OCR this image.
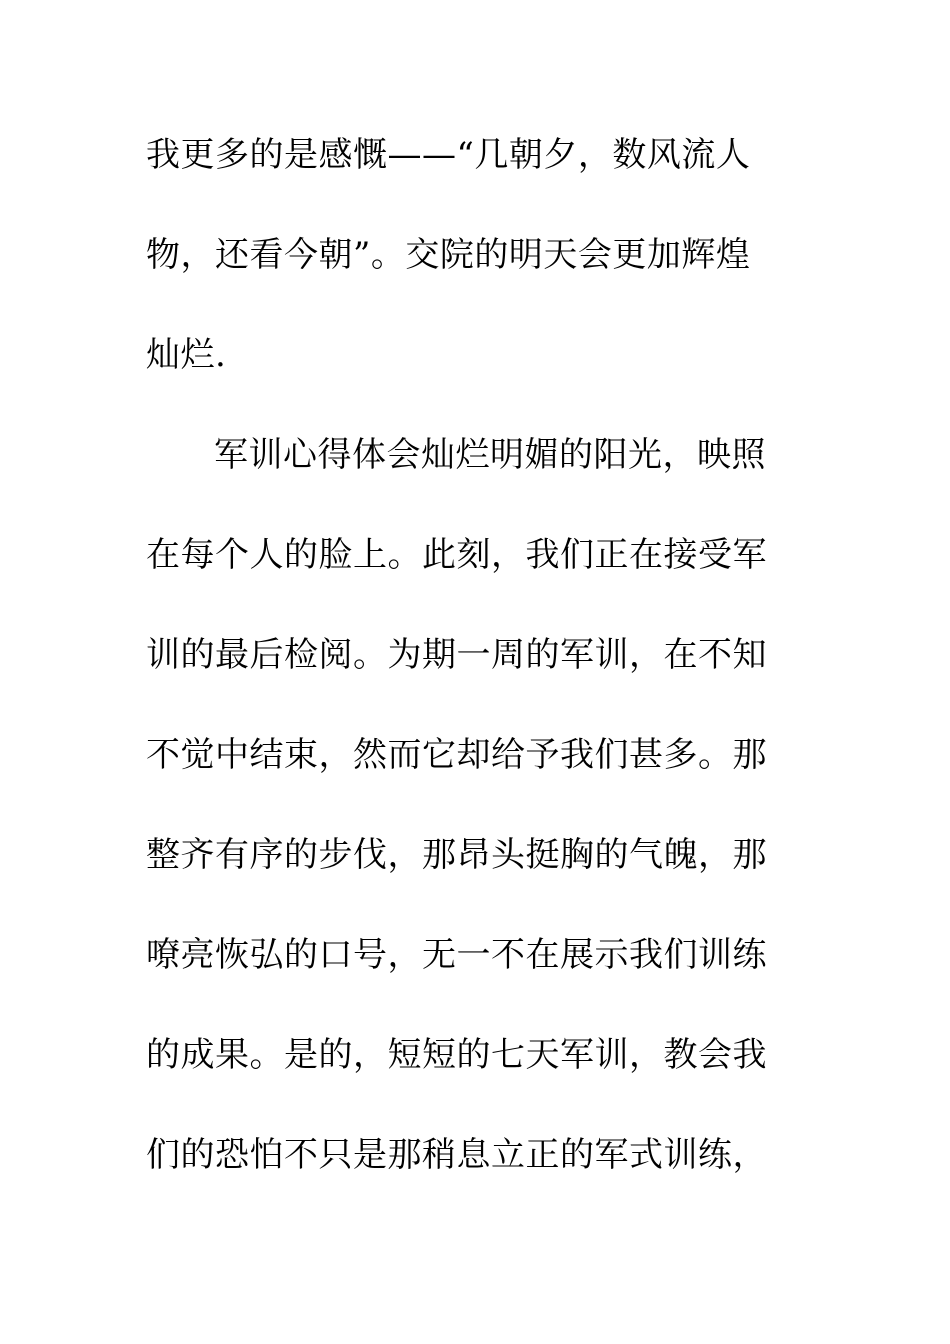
我更多的是感慨——“几朝夕，数风流人
物，还看今朝”。交院的明天会更加辉煌
灿烂.
军训心得体会灿烂明媚的阳光，映照
在每个人的脸上。此刻，我们正在接受军
训的最后检阅。为期一周的军训，在不知
不觉中结束，然而它却给予我们甚多。那
整齐有序的步伐，那昂头挺胸的气魄，那
嘹亮恢弘的口号，无一不在展示我们训练
的成果。是的，短短的七天军训，教会我
们的恐怕不只是那稍息立正的军式训练，
